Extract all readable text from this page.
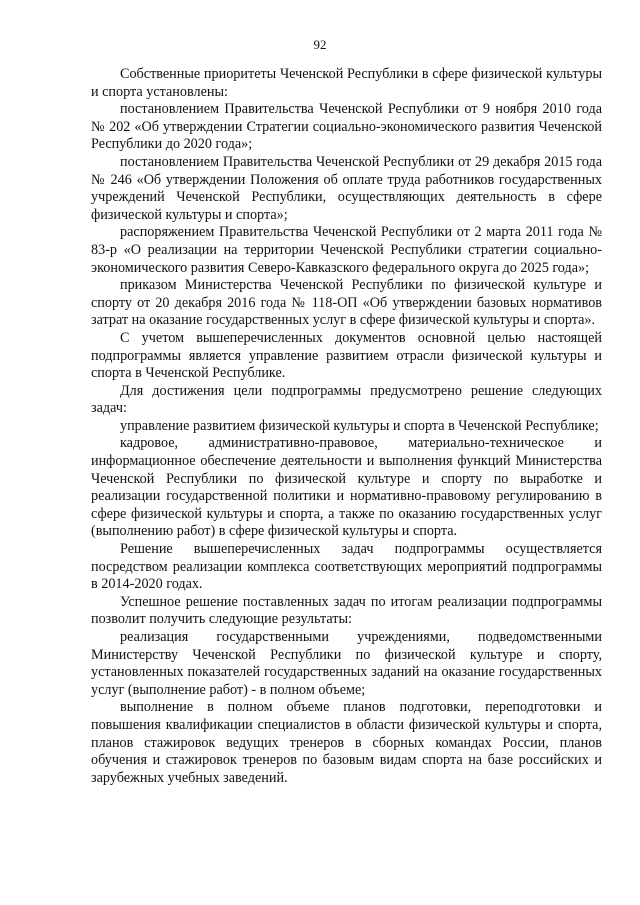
92

Собственные приоритеты Чеченской Республики в сфере физической культуры и спорта установлены:

постановлением Правительства Чеченской Республики от 9 ноября 2010 года № 202 «Об утверждении Стратегии социально-экономического развития Чеченской Республики до 2020 года»;

постановлением Правительства Чеченской Республики от 29 декабря 2015 года № 246 «Об утверждении Положения об оплате труда работников государственных учреждений Чеченской Республики, осуществляющих деятельность в сфере физической культуры и спорта»;

распоряжением Правительства Чеченской Республики от 2 марта 2011 года № 83-р «О реализации на территории Чеченской Республики стратегии социально-экономического развития Северо-Кавказского федерального округа до 2025 года»;

приказом Министерства Чеченской Республики по физической культуре и спорту от 20 декабря 2016 года № 118-ОП «Об утверждении базовых нормативов затрат на оказание государственных услуг в сфере физической культуры и спорта».

С учетом вышеперечисленных документов основной целью настоящей подпрограммы является управление развитием отрасли физической культуры и спорта в Чеченской Республике.

Для достижения цели подпрограммы предусмотрено решение следующих задач:

управление развитием физической культуры и спорта в Чеченской Республике;

кадровое, административно-правовое, материально-техническое и информационное обеспечение деятельности и выполнения функций Министерства Чеченской Республики по физической культуре и спорту по выработке и реализации государственной политики и нормативно-правовому регулированию в сфере физической культуры и спорта, а также по оказанию государственных услуг (выполнению работ) в сфере физической культуры и спорта.

Решение вышеперечисленных задач подпрограммы осуществляется посредством реализации комплекса соответствующих мероприятий подпрограммы в 2014-2020 годах.

Успешное решение поставленных задач по итогам реализации подпрограммы позволит получить следующие результаты:

реализация государственными учреждениями, подведомственными Министерству Чеченской Республики по физической культуре и спорту, установленных показателей государственных заданий на оказание государственных услуг (выполнение работ) - в полном объеме;

выполнение в полном объеме планов подготовки, переподготовки и повышения квалификации специалистов в области физической культуры и спорта, планов стажировок ведущих тренеров в сборных командах России, планов обучения и стажировок тренеров по базовым видам спорта на базе российских и зарубежных учебных заведений.
